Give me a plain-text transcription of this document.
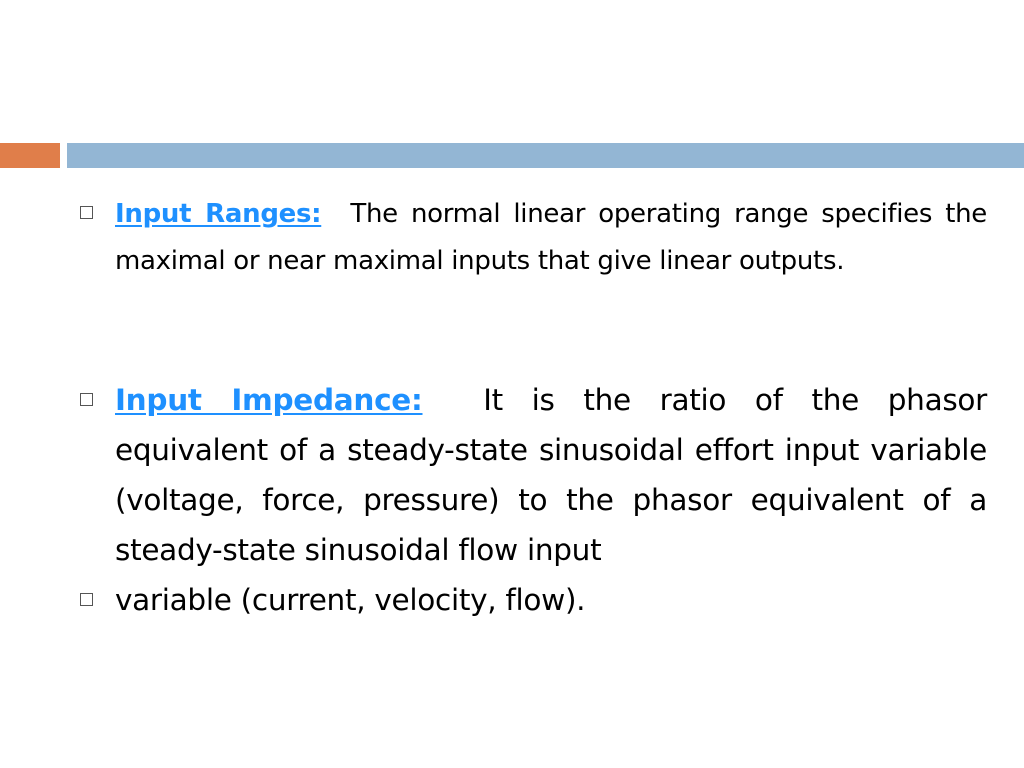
Input Ranges: The normal linear operating range specifies the maximal or near maximal inputs that give linear outputs.
Input Impedance: It is the ratio of the phasor equivalent of a steady-state sinusoidal effort input variable (voltage, force, pressure) to the phasor equivalent of a steady-state sinusoidal flow input
variable (current, velocity, flow).
